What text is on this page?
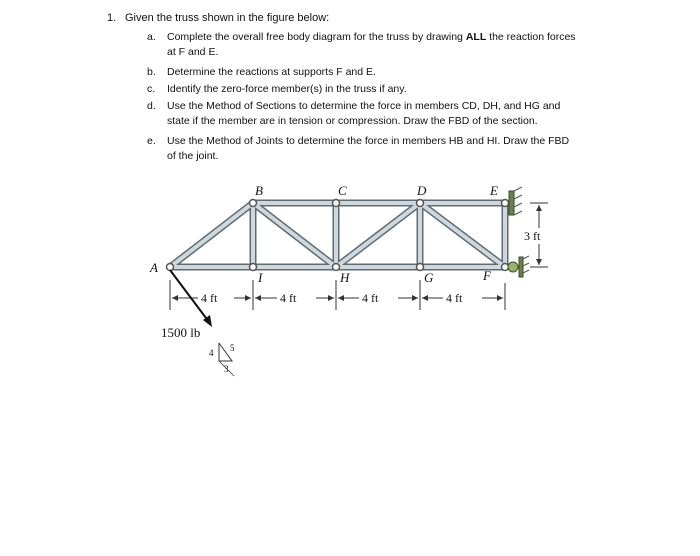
1. Given the truss shown in the figure below:
a. Complete the overall free body diagram for the truss by drawing ALL the reaction forces
at F and E.
b. Determine the reactions at supports F and E.
c. Identify the zero-force member(s) in the truss if any.
d. Use the Method of Sections to determine the force in members CD, DH, and HG and
state if the member are in tension or compression. Draw the FBD of the section.
e. Use the Method of Joints to determine the force in members HB and HI. Draw the FBD
of the joint.
A
B	C	D	E
F
G
H
I
3 ft
4 ft	4 ft	4 ft	4 ft
1500 lb
4 5
3
